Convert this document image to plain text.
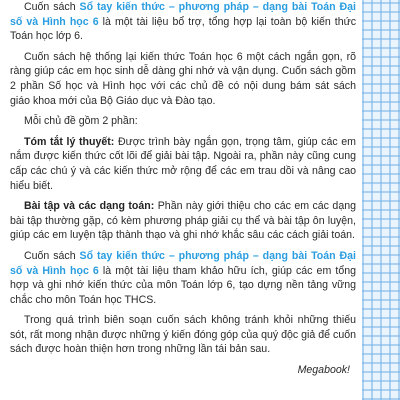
Cuốn sách Sổ tay kiến thức – phương pháp – dạng bài Toán Đại số và Hình học 6 là một tài liệu bổ trợ, tổng hợp lại toàn bộ kiến thức Toán học lớp 6.

Cuốn sách hệ thống lại kiến thức Toán học 6 một cách ngắn gọn, rõ ràng giúp các em học sinh dễ dàng ghi nhớ và vận dụng. Cuốn sách gồm 2 phần Số học và Hình học với các chủ đề có nội dung bám sát sách giáo khoa mới của Bộ Giáo dục và Đào tạo.

Mỗi chủ đề gồm 2 phần:

Tóm tắt lý thuyết: Được trình bày ngắn gọn, trọng tâm, giúp các em nắm được kiến thức cốt lõi để giải bài tập. Ngoài ra, phần này cũng cung cấp các chú ý và các kiến thức mở rộng để các em trau dồi và nâng cao hiểu biết.

Bài tập và các dạng toán: Phần này giới thiệu cho các em các dạng bài tập thường gặp, có kèm phương pháp giải cụ thể và bài tập ôn luyện, giúp các em luyện tập thành thạo và ghi nhớ khắc sâu các cách giải toán.

Cuốn sách Sổ tay kiến thức – phương pháp – dạng bài Toán Đại số và Hình học 6 là một tài liệu tham khảo hữu ích, giúp các em tổng hợp và ghi nhớ kiến thức của môn Toán lớp 6, tạo dựng nền tảng vững chắc cho môn Toán học THCS.

Trong quá trình biên soạn cuốn sách không tránh khỏi những thiếu sót, rất mong nhận được những ý kiến đóng góp của quý độc giả để cuốn sách được hoàn thiện hơn trong những lần tái bản sau.

Megabook!
